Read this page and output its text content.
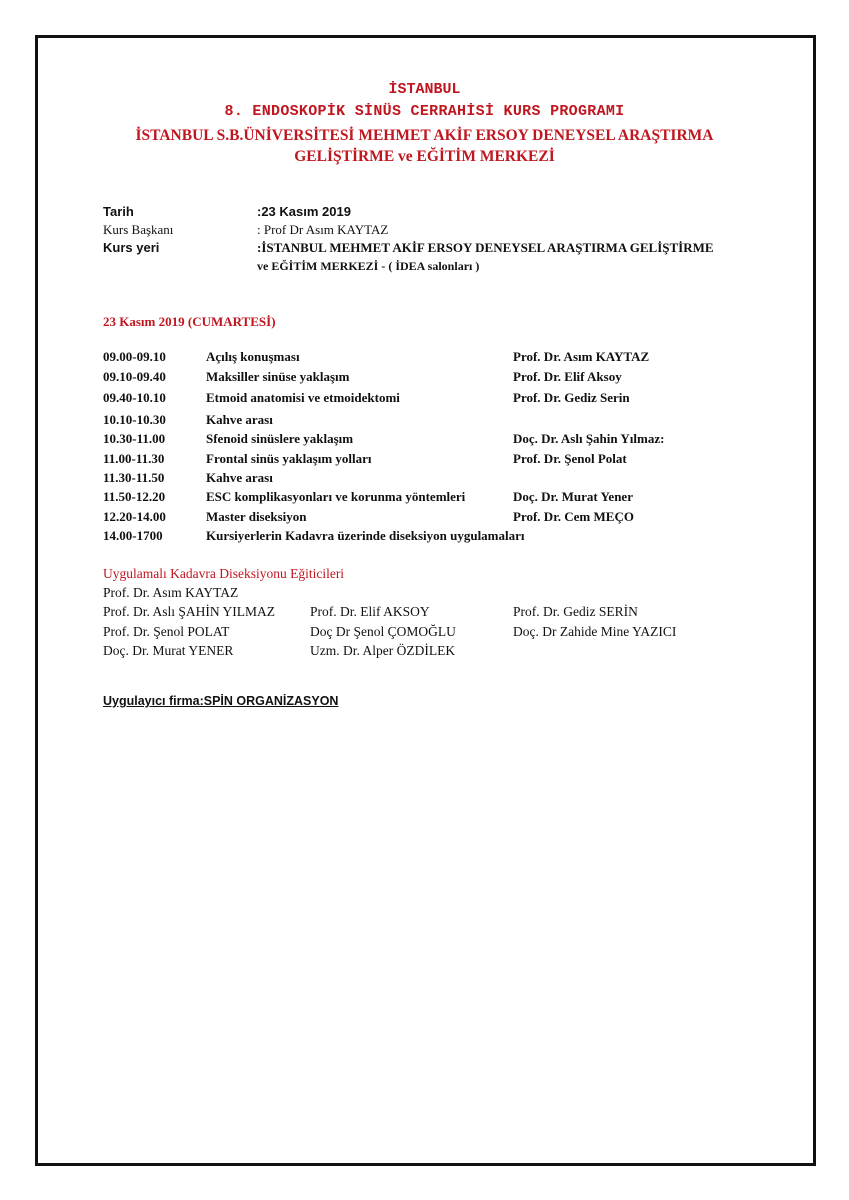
İSTANBUL
8. ENDOSKOPİK SİNÜS CERRAHİSİ KURS PROGRAMI
İSTANBUL S.B.ÜNİVERSİTESİ MEHMET AKİF ERSOY DENEYSEL ARAŞTIRMA
GELİŞTİRME ve EĞİTİM MERKEZİ
Tarih	:23 Kasım 2019
Kurs Başkanı	: Prof Dr Asım KAYTAZ
Kurs yeri	:İSTANBUL MEHMET AKİF ERSOY DENEYSEL ARAŞTIRMA GELİŞTİRME
ve EĞİTİM MERKEZİ - ( İDEA salonları )
23 Kasım 2019 (CUMARTESİ)
09.00-09.10	Açılış konuşması	Prof. Dr. Asım KAYTAZ
09.10-09.40	Maksiller sinüse yaklaşım	Prof. Dr. Elif Aksoy
09.40-10.10	Etmoid anatomisi ve etmoidektomi	Prof. Dr. Gediz Serin
10.10-10.30	Kahve arası
10.30-11.00	Sfenoid sinüslere yaklaşım	Doç. Dr. Aslı Şahin Yılmaz:
11.00-11.30	Frontal sinüs yaklaşım yolları	Prof. Dr. Şenol Polat
11.30-11.50	Kahve arası
11.50-12.20	ESC komplikasyonları ve korunma yöntemleri	Doç. Dr. Murat Yener
12.20-14.00	Master diseksiyon	Prof. Dr. Cem MEÇO
14.00-1700	Kursiyerlerin Kadavra üzerinde diseksiyon uygulamaları
Uygulamalı Kadavra Diseksiyonu Eğiticileri
Prof. Dr. Asım KAYTAZ
Prof. Dr. Aslı ŞAHİN YILMAZ	Prof. Dr. Elif AKSOY	Prof. Dr. Gediz SERİN
Prof. Dr. Şenol POLAT	Doç Dr Şenol ÇOMOĞLU	Doç. Dr Zahide Mine YAZICI
Doç. Dr. Murat YENER	Uzm. Dr. Alper ÖZDİLEK
Uygulayıcı firma:SPİN ORGANİZASYON
